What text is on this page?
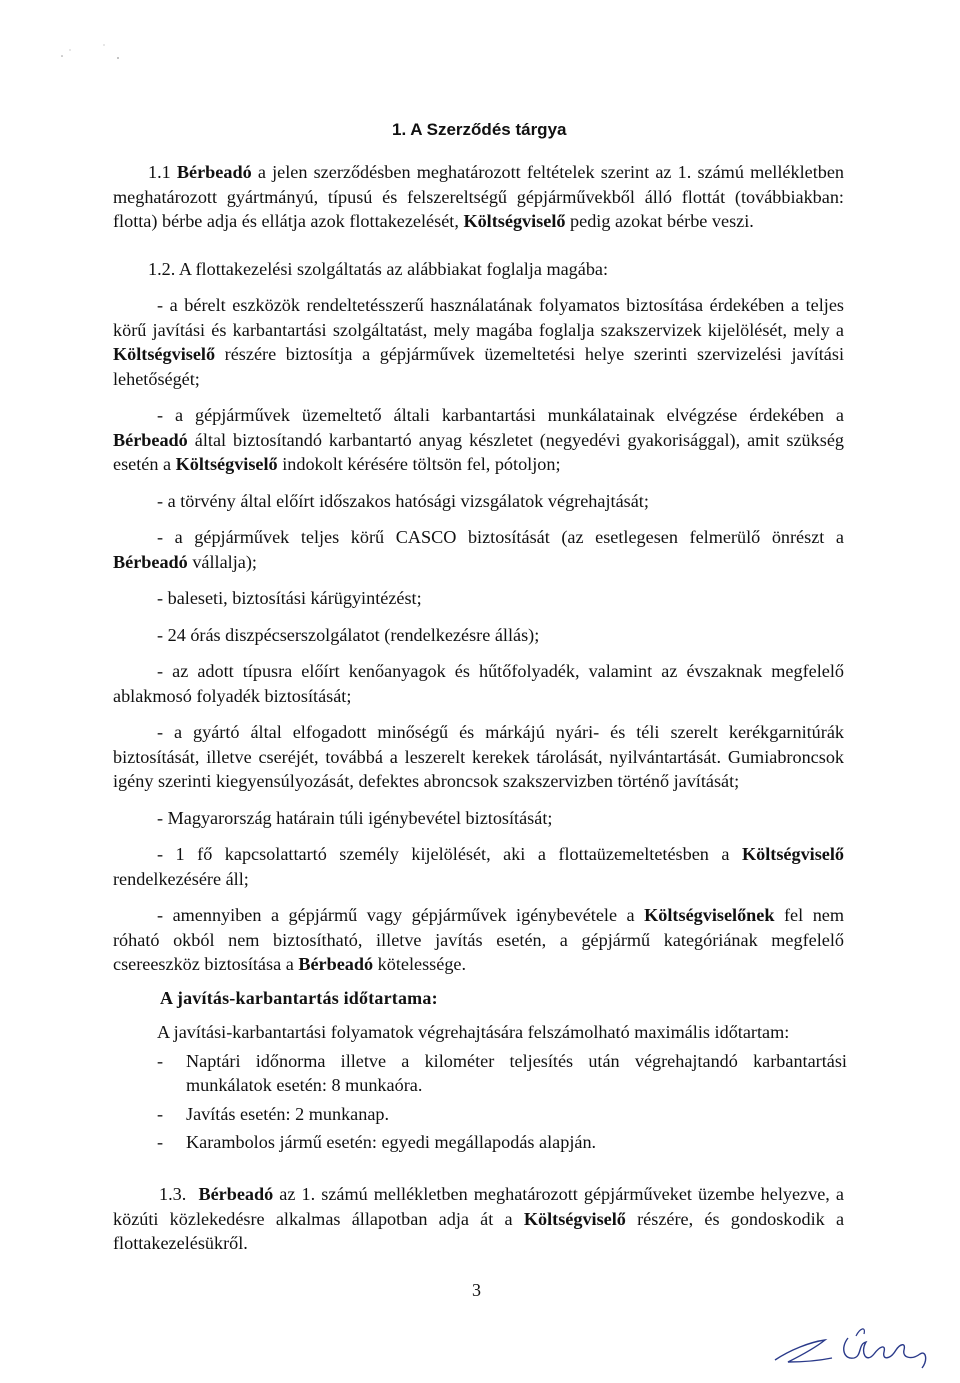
1. A Szerződés tárgya

1.1 Bérbeadó a jelen szerződésben meghatározott feltételek szerint az 1. számú mellékletben meghatározott gyártmányú, típusú és felszereltségű gépjárművekből álló flottát (továbbiakban: flotta) bérbe adja és ellátja azok flottakezelését, Költségviselő pedig azokat bérbe veszi.

1.2. A flottakezelési szolgáltatás az alábbiakat foglalja magába:

- a bérelt eszközök rendeltetésszerű használatának folyamatos biztosítása érdekében a teljes körű javítási és karbantartási szolgáltatást, mely magába foglalja szakszervizek kijelölését, mely a Költségviselő részére biztosítja a gépjárművek üzemeltetési helye szerinti szervizelési javítási lehetőségét;

- a gépjárművek üzemeltető általi karbantartási munkálatainak elvégzése érdekében a Bérbeadó által biztosítandó karbantartó anyag készletet (negyedévi gyakorisággal), amit szükség esetén a Költségviselő indokolt kérésére töltsön fel, pótoljon;

- a törvény által előírt időszakos hatósági vizsgálatok végrehajtását;

- a gépjárművek teljes körű CASCO biztosítását (az esetlegesen felmerülő önrészt a Bérbeadó vállalja);

- baleseti, biztosítási kárügyintézést;

- 24 órás diszpécserszolgálatot (rendelkezésre állás);

- az adott típusra előírt kenőanyagok és hűtőfolyadék, valamint az évszaknak megfelelő ablakmosó folyadék biztosítását;

- a gyártó által elfogadott minőségű és márkájú nyári- és téli szerelt kerékgarnitúrák biztosítását, illetve cseréjét, továbbá a leszerelt kerekek tárolását, nyilvántartását. Gumiabroncsok igény szerinti kiegyensúlyozását, defektes abroncsok szakszervizben történő javítását;

- Magyarország határain túli igénybevétel biztosítását;

- 1 fő kapcsolattartó személy kijelölését, aki a flottaüzemeltetésben a Költségviselő rendelkezésére áll;

- amennyiben a gépjármű vagy gépjárművek igénybevétele a Költségviselőnek fel nem róható okból nem biztosítható, illetve javítás esetén, a gépjármű kategóriának megfelelő csereeszköz biztosítása a Bérbeadó kötelessége.

A javítás-karbantartás időtartama:

A javítási-karbantartási folyamatok végrehajtására felszámolható maximális időtartam:

-	Naptári időnorma illetve a kilométer teljesítés után végrehajtandó karbantartási munkálatok esetén: 8 munkaóra.
-	Javítás esetén: 2 munkanap.
-	Karambolos jármű esetén: egyedi megállapodás alapján.

1.3. Bérbeadó az 1. számú mellékletben meghatározott gépjárműveket üzembe helyezve, a közúti közlekedésre alkalmas állapotban adja át a Költségviselő részére, és gondoskodik a flottakezelésükről.

3
